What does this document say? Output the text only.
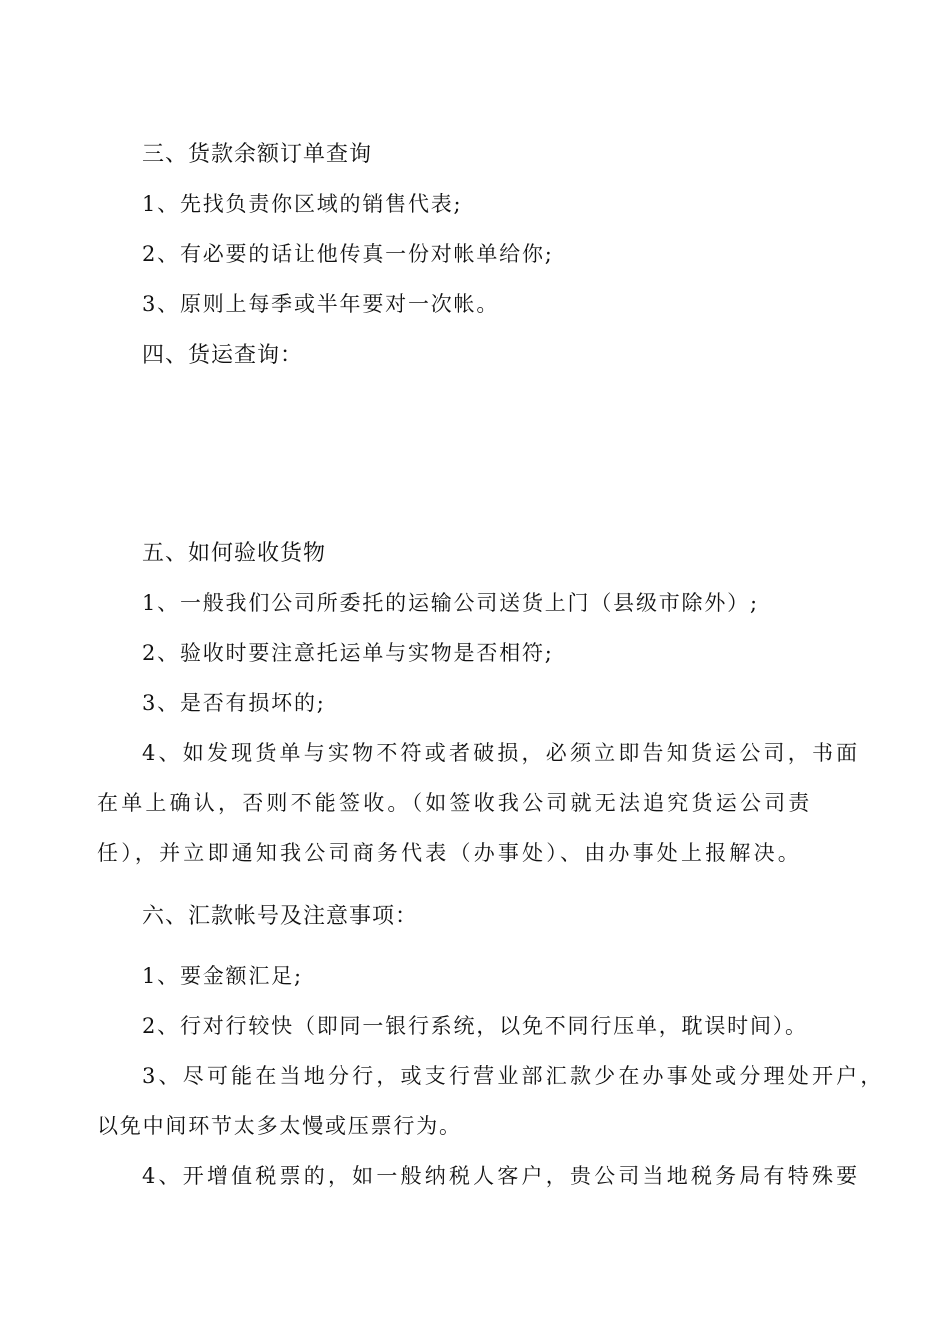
三、货款余额订单查询
1、先找负责你区域的销售代表;
2、有必要的话让他传真一份对帐单给你;
3、原则上每季或半年要对一次帐。
四、货运查询：
五、如何验收货物
1、一般我们公司所委托的运输公司送货上门（县级市除外）;
2、验收时要注意托运单与实物是否相符;
3、是否有损坏的;
4、如发现货单与实物不符或者破损，必须立即告知货运公司，书面
在单上确认，否则不能签收。（如签收我公司就无法追究货运公司责
任），并立即通知我公司商务代表（办事处）、由办事处上报解决。
六、汇款帐号及注意事项：
1、要金额汇足;
2、行对行较快（即同一银行系统，以免不同行压单，耽误时间）。
3、尽可能在当地分行，或支行营业部汇款少在办事处或分理处开户，
以免中间环节太多太慢或压票行为。
4、开增值税票的，如一般纳税人客户，贵公司当地税务局有特殊要
